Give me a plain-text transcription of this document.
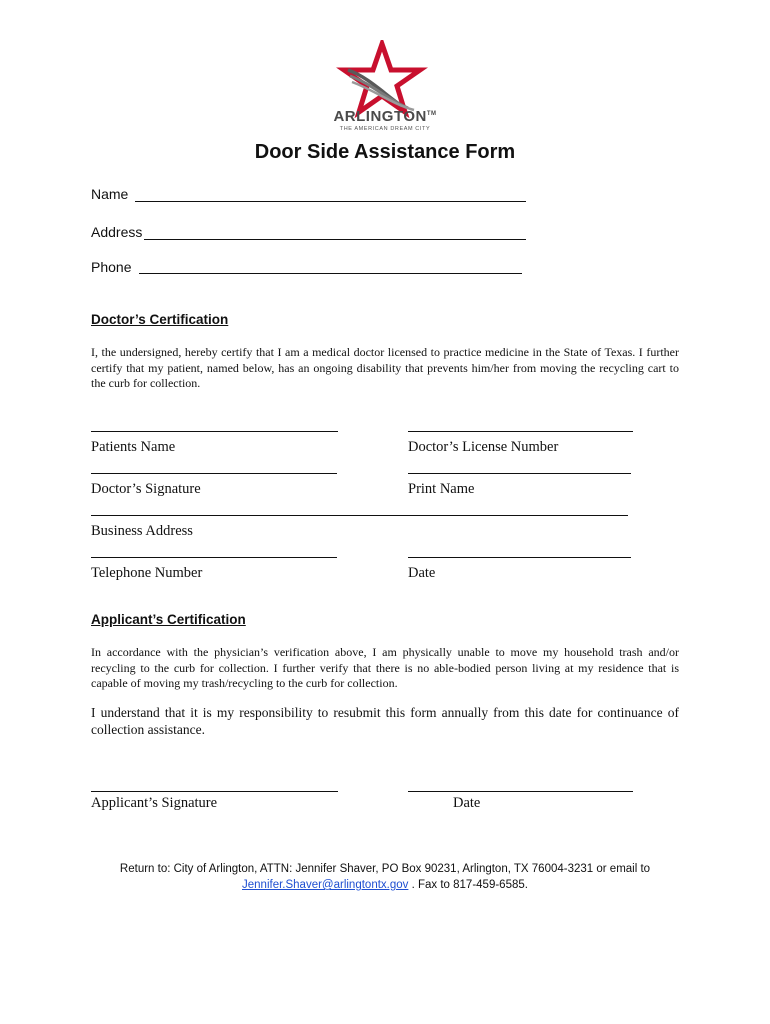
ARLINGTON™
THE AMERICAN DREAM CITY
Door Side Assistance Form
Name
Address
Phone
Doctor’s Certification
I, the undersigned, hereby certify that I am a medical doctor licensed to practice medicine in the State of Texas. I further certify that my patient, named below, has an ongoing disability that prevents him/her from moving the recycling cart to the curb for collection.
Patients Name	Doctor’s License Number
Doctor’s Signature	Print Name
Business Address
Telephone Number	Date
Applicant’s Certification
In accordance with the physician’s verification above, I am physically unable to move my household trash and/or recycling to the curb for collection. I further verify that there is no able-bodied person living at my residence that is capable of moving my trash/recycling to the curb for collection.
I understand that it is my responsibility to resubmit this form annually from this date for continuance of collection assistance.
Applicant’s Signature	Date
Return to: City of Arlington, ATTN: Jennifer Shaver, PO Box 90231, Arlington, TX 76004-3231 or email to
Jennifer.Shaver@arlingtontx.gov . Fax to 817-459-6585.
